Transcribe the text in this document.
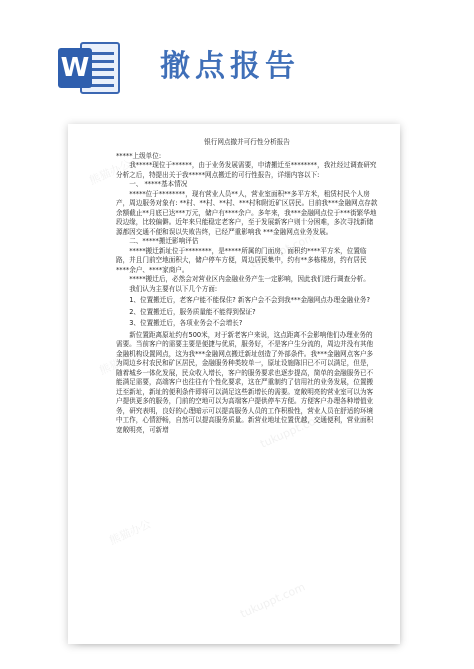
W 撤点报告
熊猫办公
tukuppt.com
熊猫办公
tukuppt.com
熊猫办公
tukuppt.com

银行网点撤并可行性分析报告

*****上级单位:

我*****现位于******，由于业务发展需要，申请搬迁至********，我社经过调查研究分析之后，特提出关于我*****网点搬迁的可行性报告，详细内容以下:

一、 *****基本情况

*****位于********，现有营业人员**人，营业室面积**多平方米，租赁村民个人房产，周边服务对象有: **村、**村、**村、***村和附近矿区居民。目前我***金融网点存款余额截止**月底已达***万元，储户有****余户。多年来，我***金融网点位于***街繁华地段边缘，比较偏僻。近年来只能稳定老客户，至于发展新客户则十分困难，多次寻找新储源都因交通不便和误以失败告终，已经严重影响我 ***金融网点业务发展。

二、*****搬迁影响评估

*****搬迁新址位于********，是*****所属的门面房，面积约****平方米，位置临路，并且门前空地面积大，储户停车方便，周边居民集中，约有**多栋楼房，约有居民****余户、****家商户。

*****搬迁后，必然会对营业区内金融业务产生一定影响，因此我们进行调查分析。

我们认为主要有以下几个方面:

1、位置搬迁后，老客户能不能保住? 新客户会不会到我***金融网点办理金融业务?

2、位置搬迁后，服务质量能不能得到保证?

3、位置搬迁后，各项业务会不会增长?

新位置距离原址约有500米，对于新老客户来说，这点距离不会影响他们办理业务的需要。当前客户的需要主要是便捷与优质，服务好，不是客户生分流的，周边并没有其他金融机构设置网点，这为我***金融网点搬迁新址创造了外部条件。我***金融网点客户多为周边乡村农民和矿区居民，金融服务种类较单一，原址设施陈旧已不可以满足，但是，随着城乡一体化发展，民众收入增长，客户的服务要求也逐步提高，简单的金融服务已不能满足需要，高端客户也往往有个性化要求，这在严重制约了信用社的业务发展，位置搬迁至新址，新址的便利条件即将可以满足这些新增长的需要。宽敞明亮的营业室可以为客户提供更多的服务，门前的空地可以为高端客户提供停车方便。方便客户办理各种增值业务，研究表明，良好的心理暗示可以提高服务人员的工作积极性，营业人员在舒适的环境中工作，心情舒畅，自然可以提高服务质量。新营业地址位置优越，交通便利，营业面积宽敞明亮，可新增
